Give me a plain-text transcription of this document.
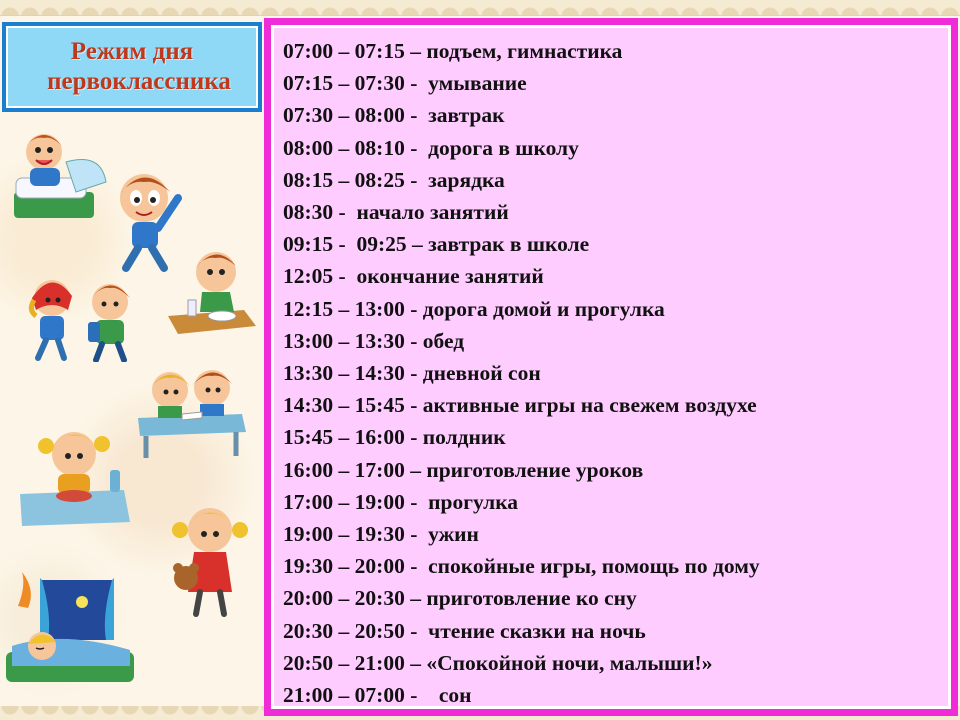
Режим дня
первоклассника
07:00 – 07:15 – подъем, гимнастика
07:15 – 07:30 -  умывание
07:30 – 08:00 -  завтрак
08:00 – 08:10 -  дорога в школу
08:15 – 08:25 -  зарядка
08:30 -  начало занятий
09:15 -  09:25 – завтрак в школе
12:05 -  окончание занятий
12:15 – 13:00 - дорога домой и прогулка
13:00 – 13:30 - обед
13:30 – 14:30 - дневной сон
14:30 – 15:45 - активные игры на свежем воздухе
15:45 – 16:00 - полдник
16:00 – 17:00 – приготовление уроков
17:00 – 19:00 -  прогулка
19:00 – 19:30 -  ужин
19:30 – 20:00 -  спокойные игры, помощь по дому
20:00 – 20:30 – приготовление ко сну
20:30 – 20:50 -  чтение сказки на ночь
20:50 – 21:00 – «Спокойной ночи, малыши!»
21:00 – 07:00 -    сон
